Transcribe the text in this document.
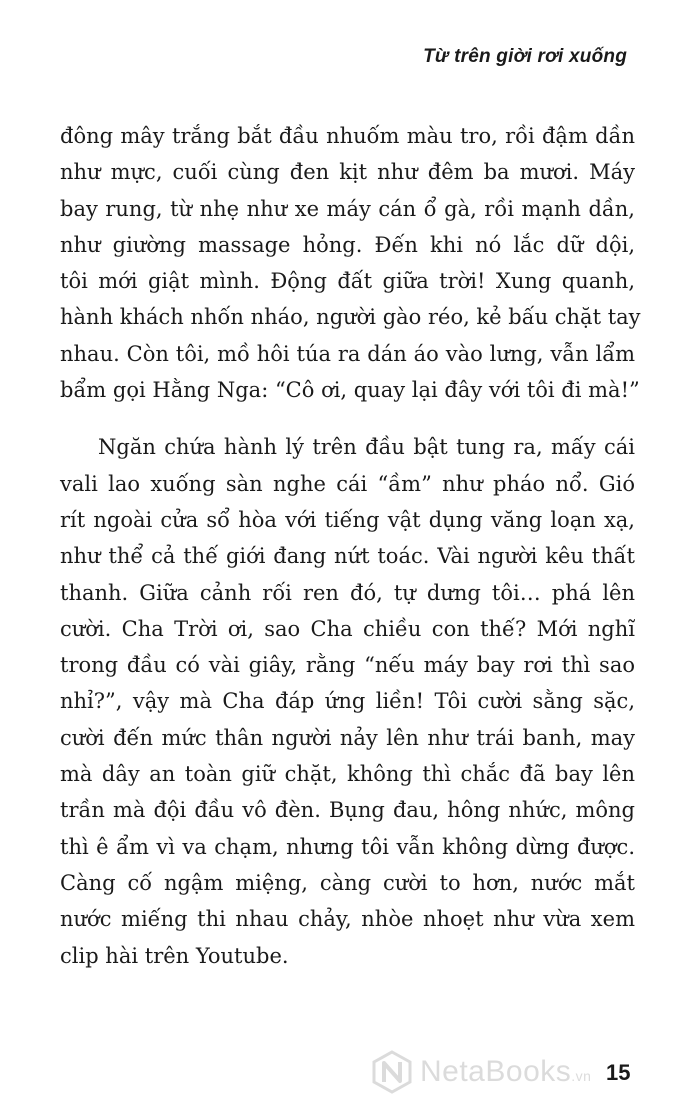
Từ trên giời rơi xuống

đông mây trắng bắt đầu nhuốm màu tro, rồi đậm dần
như mực, cuối cùng đen kịt như đêm ba mươi. Máy
bay rung, từ nhẹ như xe máy cán ổ gà, rồi mạnh dần,
như giường massage hỏng. Đến khi nó lắc dữ dội,
tôi mới giật mình. Động đất giữa trời! Xung quanh,
hành khách nhốn nháo, người gào réo, kẻ bấu chặt tay
nhau. Còn tôi, mồ hôi túa ra dán áo vào lưng, vẫn lẩm
bẩm gọi Hằng Nga: “Cô ơi, quay lại đây với tôi đi mà!”

Ngăn chứa hành lý trên đầu bật tung ra, mấy cái
vali lao xuống sàn nghe cái “ầm” như pháo nổ. Gió
rít ngoài cửa sổ hòa với tiếng vật dụng văng loạn xạ,
như thể cả thế giới đang nứt toác. Vài người kêu thất
thanh. Giữa cảnh rối ren đó, tự dưng tôi… phá lên
cười. Cha Trời ơi, sao Cha chiều con thế? Mới nghĩ
trong đầu có vài giây, rằng “nếu máy bay rơi thì sao
nhỉ?”, vậy mà Cha đáp ứng liền! Tôi cười sằng sặc,
cười đến mức thân người nảy lên như trái banh, may
mà dây an toàn giữ chặt, không thì chắc đã bay lên
trần mà đội đầu vô đèn. Bụng đau, hông nhức, mông
thì ê ẩm vì va chạm, nhưng tôi vẫn không dừng được.
Càng cố ngậm miệng, càng cười to hơn, nước mắt
nước miếng thi nhau chảy, nhòe nhoẹt như vừa xem
clip hài trên Youtube.

NetaBooks.vn 15
